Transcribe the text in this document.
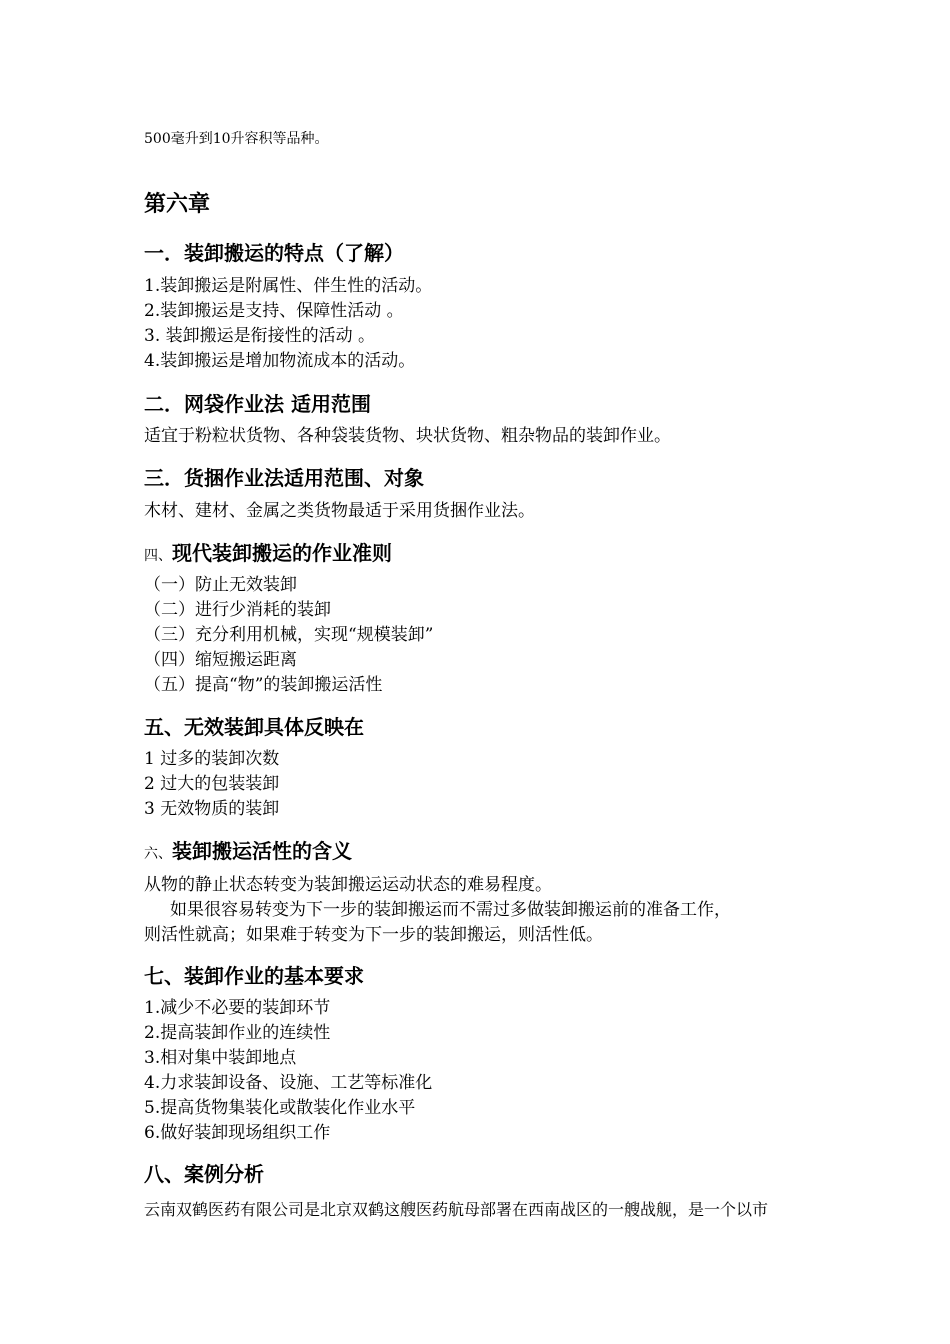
500毫升到10升容积等品种。
第六章
一．装卸搬运的特点（了解）
1.装卸搬运是附属性、伴生性的活动。
2.装卸搬运是支持、保障性活动 。
3. 装卸搬运是衔接性的活动 。
4.装卸搬运是增加物流成本的活动。
二．网袋作业法 适用范围
适宜于粉粒状货物、各种袋装货物、块状货物、粗杂物品的装卸作业。
三．货捆作业法适用范围、对象
木材、建材、金属之类货物最适于采用货捆作业法。
四、现代装卸搬运的作业准则
（一）防止无效装卸
（二）进行少消耗的装卸
（三）充分利用机械，实现“规模装卸”
（四）缩短搬运距离
（五）提高“物”的装卸搬运活性
五、无效装卸具体反映在
1 过多的装卸次数
2 过大的包装装卸
3 无效物质的装卸
六、装卸搬运活性的含义
从物的静止状态转变为装卸搬运运动状态的难易程度。
如果很容易转变为下一步的装卸搬运而不需过多做装卸搬运前的准备工作，
则活性就高；如果难于转变为下一步的装卸搬运，则活性低。
七、装卸作业的基本要求
1.减少不必要的装卸环节
2.提高装卸作业的连续性
3.相对集中装卸地点
4.力求装卸设备、设施、工艺等标准化
5.提高货物集装化或散装化作业水平
6.做好装卸现场组织工作
八、案例分析
云南双鹤医药有限公司是北京双鹤这艘医药航母部署在西南战区的一艘战舰，是一个以市
